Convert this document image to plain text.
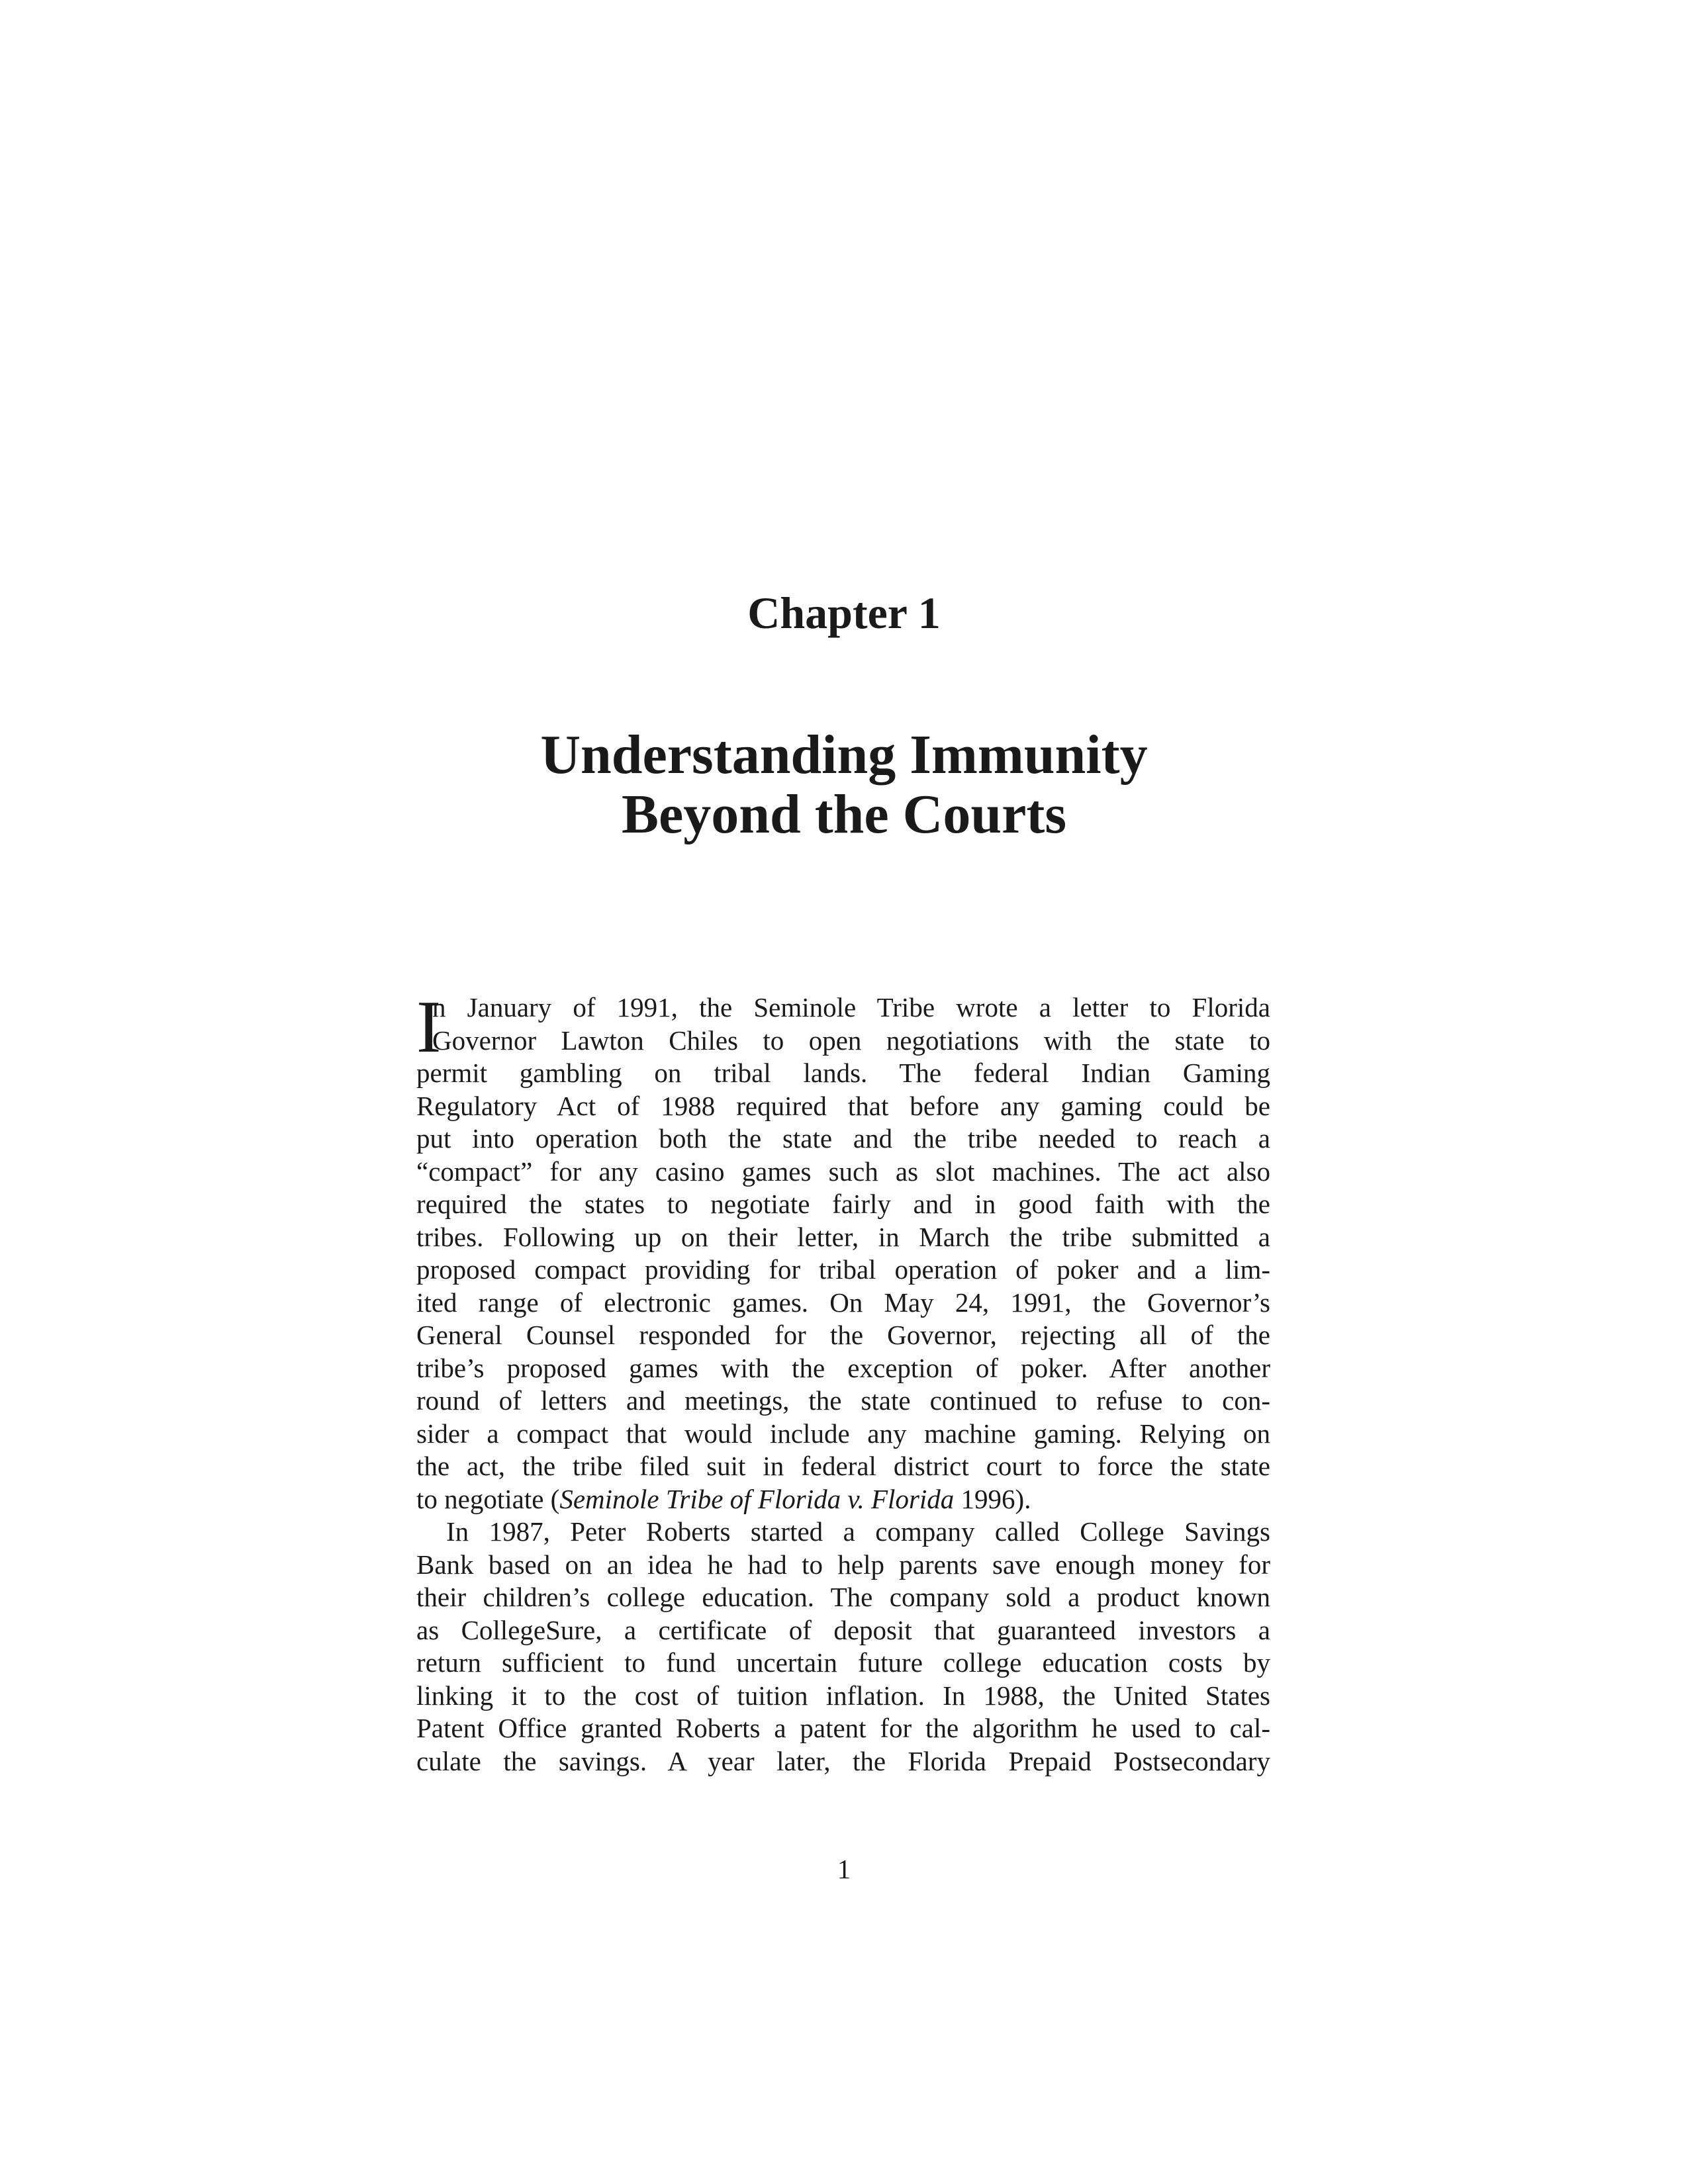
Chapter 1
Understanding Immunity
Beyond the Courts
I
n January of 1991, the Seminole Tribe wrote a letter to Florida
Governor Lawton Chiles to open negotiations with the state to
permit gambling on tribal lands. The federal Indian Gaming
Regulatory Act of 1988 required that before any gaming could be
put into operation both the state and the tribe needed to reach a
“compact” for any casino games such as slot machines. The act also
required the states to negotiate fairly and in good faith with the
tribes. Following up on their letter, in March the tribe submitted a
proposed compact providing for tribal operation of poker and a lim-
ited range of electronic games. On May 24, 1991, the Governor’s
General Counsel responded for the Governor, rejecting all of the
tribe’s proposed games with the exception of poker. After another
round of letters and meetings, the state continued to refuse to con-
sider a compact that would include any machine gaming. Relying on
the act, the tribe filed suit in federal district court to force the state
to negotiate (Seminole Tribe of Florida v. Florida 1996).
In 1987, Peter Roberts started a company called College Savings
Bank based on an idea he had to help parents save enough money for
their children’s college education. The company sold a product known
as CollegeSure, a certificate of deposit that guaranteed investors a
return sufficient to fund uncertain future college education costs by
linking it to the cost of tuition inflation. In 1988, the United States
Patent Office granted Roberts a patent for the algorithm he used to cal-
culate the savings. A year later, the Florida Prepaid Postsecondary
1
